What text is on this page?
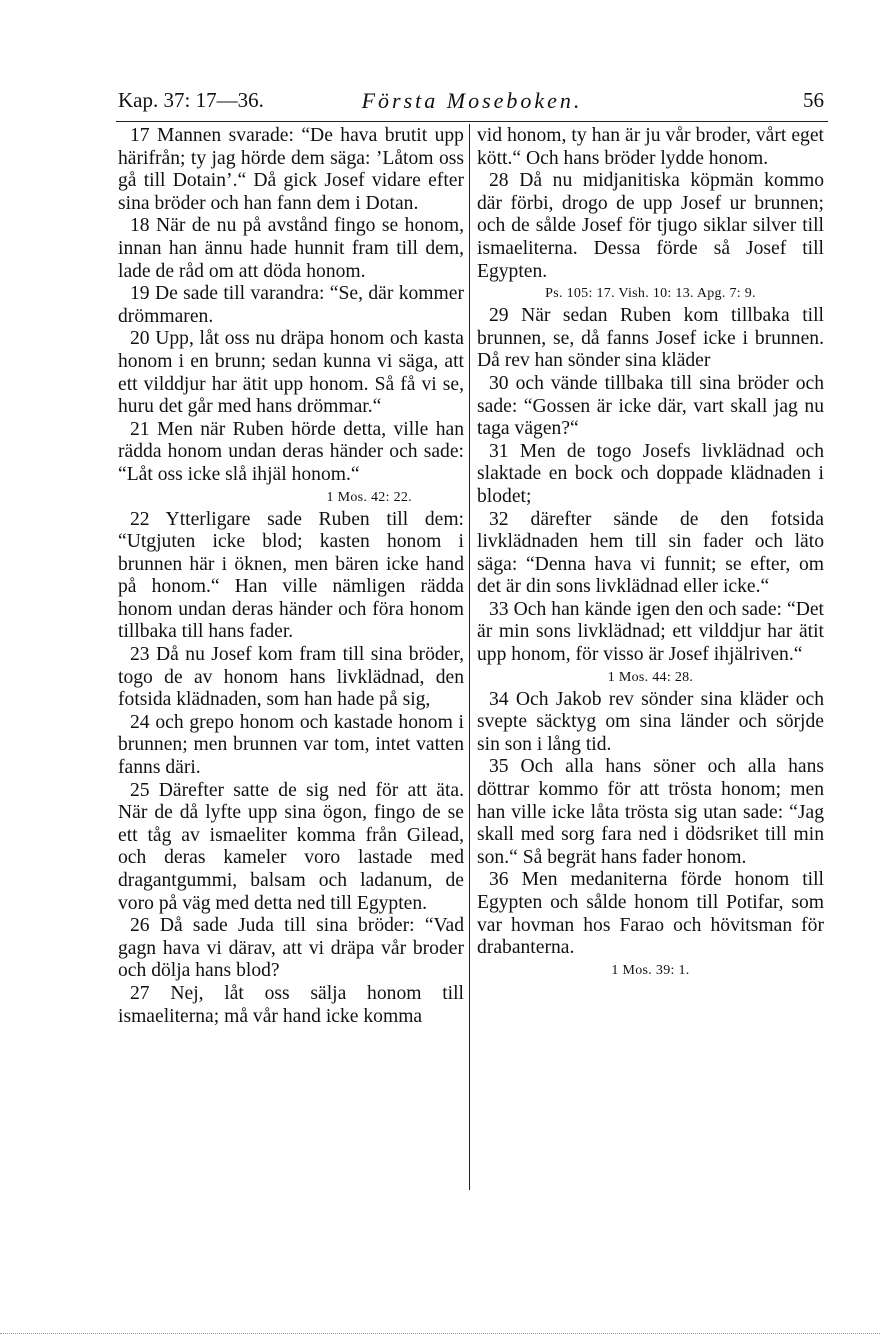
Kap. 37: 17—36.	Första Moseboken.	56

17 Mannen svarade: “De hava brutit upp härifrån; ty jag hörde dem säga: ’Låtom oss gå till Dotain’.“ Då gick Josef vidare efter sina bröder och han fann dem i Dotan.

18 När de nu på avstånd fingo se honom, innan han ännu hade hunnit fram till dem, lade de råd om att döda honom.

19 De sade till varandra: “Se, där kommer drömmaren.

20 Upp, låt oss nu dräpa honom och kasta honom i en brunn; sedan kunna vi säga, att ett vilddjur har ätit upp honom. Så få vi se, huru det går med hans drömmar.“

21 Men när Ruben hörde detta, ville han rädda honom undan deras händer och sade: “Låt oss icke slå ihjäl honom.“

1 Mos. 42: 22.

22 Ytterligare sade Ruben till dem: “Utgjuten icke blod; kasten honom i brunnen här i öknen, men bären icke hand på honom.“ Han ville nämligen rädda honom undan deras händer och föra honom tillbaka till hans fader.

23 Då nu Josef kom fram till sina bröder, togo de av honom hans livklädnad, den fotsida klädnaden, som han hade på sig,

24 och grepo honom och kastade honom i brunnen; men brunnen var tom, intet vatten fanns däri.

25 Därefter satte de sig ned för att äta. När de då lyfte upp sina ögon, fingo de se ett tåg av ismaeliter komma från Gilead, och deras kameler voro lastade med dragantgummi, balsam och ladanum, de voro på väg med detta ned till Egypten.

26 Då sade Juda till sina bröder: “Vad gagn hava vi därav, att vi dräpa vår broder och dölja hans blod?

27 Nej, låt oss sälja honom till ismaeliterna; må vår hand icke komma

vid honom, ty han är ju vår broder, vårt eget kött.“ Och hans bröder lydde honom.

28 Då nu midjanitiska köpmän kommo där förbi, drogo de upp Josef ur brunnen; och de sålde Josef för tjugo siklar silver till ismaeliterna. Dessa förde så Josef till Egypten.

Ps. 105: 17. Vish. 10: 13. Apg. 7: 9.

29 När sedan Ruben kom tillbaka till brunnen, se, då fanns Josef icke i brunnen. Då rev han sönder sina kläder

30 och vände tillbaka till sina bröder och sade: “Gossen är icke där, vart skall jag nu taga vägen?“

31 Men de togo Josefs livklädnad och slaktade en bock och doppade klädnaden i blodet;

32 därefter sände de den fotsida livklädnaden hem till sin fader och läto säga: “Denna hava vi funnit; se efter, om det är din sons livklädnad eller icke.“

33 Och han kände igen den och sade: “Det är min sons livklädnad; ett vilddjur har ätit upp honom, för visso är Josef ihjälriven.“

1 Mos. 44: 28.

34 Och Jakob rev sönder sina kläder och svepte säcktyg om sina länder och sörjde sin son i lång tid.

35 Och alla hans söner och alla hans döttrar kommo för att trösta honom; men han ville icke låta trösta sig utan sade: “Jag skall med sorg fara ned i dödsriket till min son.“ Så begrät hans fader honom.

36 Men medaniterna förde honom till Egypten och sålde honom till Potifar, som var hovman hos Farao och hövitsman för drabanterna.

1 Mos. 39: 1.
